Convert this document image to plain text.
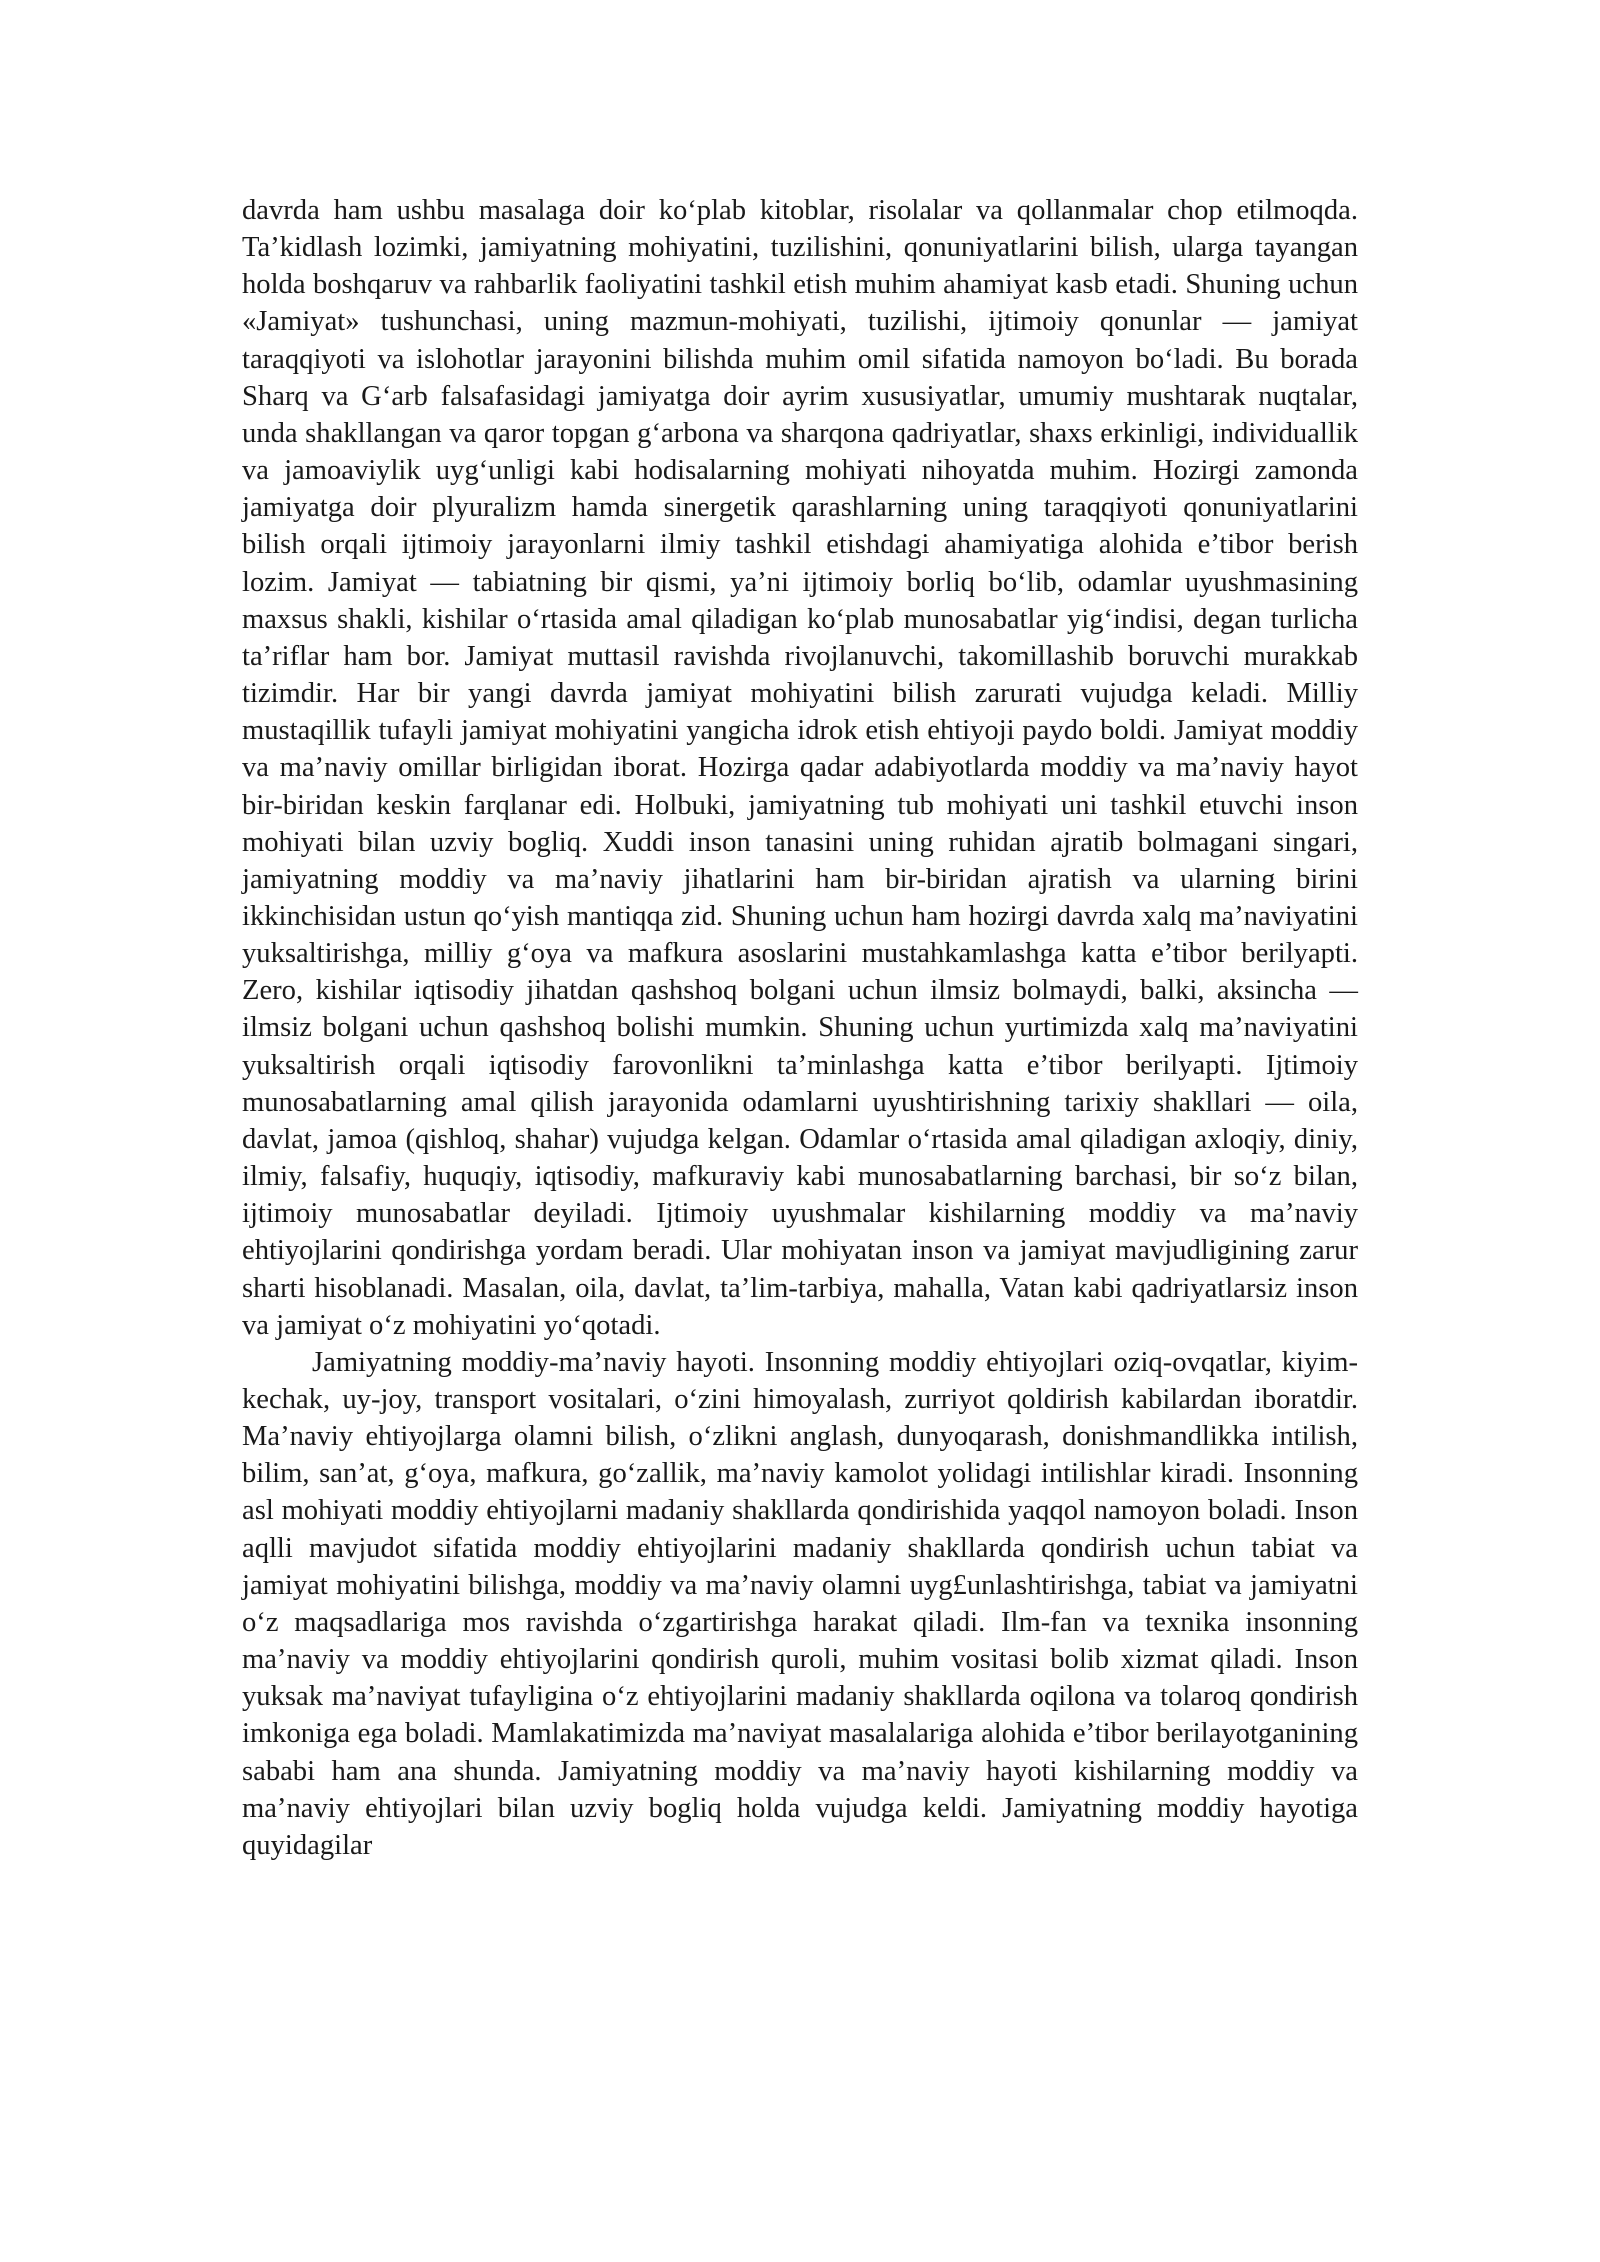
davrda ham ushbu masalaga doir ko‘plab kitoblar, risolalar va qollanmalar chop etilmoqda. Ta’kidlash lozimki, jamiyatning mohiyatini, tuzilishini, qonuniyatlarini bilish, ularga tayangan holda boshqaruv va rahbarlik faoliyatini tashkil etish muhim ahamiyat kasb etadi. Shuning uchun «Jamiyat» tushunchasi, uning mazmun-mohiyati, tuzilishi, ijtimoiy qonunlar — jamiyat taraqqiyoti va islohotlar jarayonini bilishda muhim omil sifatida namoyon bo‘ladi. Bu borada Sharq va G‘arb falsafasidagi jamiyatga doir ayrim xususiyatlar, umumiy mushtarak nuqtalar, unda shakllangan va qaror topgan g‘arbona va sharqona qadriyatlar, shaxs erkinligi, individuallik va jamoaviylik uyg‘unligi kabi hodisalarning mohiyati nihoyatda muhim. Hozirgi zamonda jamiyatga doir plyuralizm hamda sinergetik qarashlarning uning taraqqiyoti qonuniyatlarini bilish orqali ijtimoiy jarayonlarni ilmiy tashkil etishdagi ahamiyatiga alohida e’tibor berish lozim. Jamiyat — tabiatning bir qismi, ya’ni ijtimoiy borliq bo‘lib, odamlar uyushmasining maxsus shakli, kishilar o‘rtasida amal qiladigan ko‘plab munosabatlar yig‘indisi, degan turlicha ta’riflar ham bor. Jamiyat muttasil ravishda rivojlanuvchi, takomillashib boruvchi murakkab tizimdir. Har bir yangi davrda jamiyat mohiyatini bilish zarurati vujudga keladi. Milliy mustaqillik tufayli jamiyat mohiyatini yangicha idrok etish ehtiyoji paydo boldi. Jamiyat moddiy va ma’naviy omillar birligidan iborat. Hozirga qadar adabiyotlarda moddiy va ma’naviy hayot bir-biridan keskin farqlanar edi. Holbuki, jamiyatning tub mohiyati uni tashkil etuvchi inson mohiyati bilan uzviy bogliq. Xuddi inson tanasini uning ruhidan ajratib bolmagani singari, jamiyatning moddiy va ma’naviy jihatlarini ham bir-biridan ajratish va ularning birini ikkinchisidan ustun qo‘yish mantiqqa zid. Shuning uchun ham hozirgi davrda xalq ma’naviyatini yuksaltirishga, milliy g‘oya va mafkura asoslarini mustahkamlashga katta e’tibor berilyapti. Zero, kishilar iqtisodiy jihatdan qashshoq bolgani uchun ilmsiz bolmaydi, balki, aksincha — ilmsiz bolgani uchun qashshoq bolishi mumkin. Shuning uchun yurtimizda xalq ma’naviyatini yuksaltirish orqali iqtisodiy farovonlikni ta’minlashga katta e’tibor berilyapti. Ijtimoiy munosabatlarning amal qilish jarayonida odamlarni uyushtirishning tarixiy shakllari — oila, davlat, jamoa (qishloq, shahar) vujudga kelgan. Odamlar o‘rtasida amal qiladigan axloqiy, diniy, ilmiy, falsafiy, huquqiy, iqtisodiy, mafkuraviy kabi munosabatlarning barchasi, bir so‘z bilan, ijtimoiy munosabatlar deyiladi. Ijtimoiy uyushmalar kishilarning moddiy va ma’naviy ehtiyojlarini qondirishga yordam beradi. Ular mohiyatan inson va jamiyat mavjudligining zarur sharti hisoblanadi. Masalan, oila, davlat, ta’lim-tarbiya, mahalla, Vatan kabi qadriyatlarsiz inson va jamiyat o‘z mohiyatini yo‘qotadi.

Jamiyatning moddiy-ma’naviy hayoti. Insonning moddiy ehtiyojlari oziq-ovqatlar, kiyim-kechak, uy-joy, transport vositalari, o‘zini himoyalash, zurriyot qoldirish kabilardan iboratdir. Ma’naviy ehtiyojlarga olamni bilish, o‘zlikni anglash, dunyoqarash, donishmandlikka intilish, bilim, san’at, g‘oya, mafkura, go‘zallik, ma’naviy kamolot yolidagi intilishlar kiradi. Insonning asl mohiyati moddiy ehtiyojlarni madaniy shakllarda qondirishida yaqqol namoyon boladi. Inson aqlli mavjudot sifatida moddiy ehtiyojlarini madaniy shakllarda qondirish uchun tabiat va jamiyat mohiyatini bilishga, moddiy va ma’naviy olamni uyg£unlashtirishga, tabiat va jamiyatni o‘z maqsadlariga mos ravishda o‘zgartirishga harakat qiladi. Ilm-fan va texnika insonning ma’naviy va moddiy ehtiyojlarini qondirish quroli, muhim vositasi bolib xizmat qiladi. Inson yuksak ma’naviyat tufayligina o‘z ehtiyojlarini madaniy shakllarda oqilona va tolaroq qondirish imkoniga ega boladi. Mamlakatimizda ma’naviyat masalalariga alohida e’tibor berilayotganining sababi ham ana shunda. Jamiyatning moddiy va ma’naviy hayoti kishilarning moddiy va ma’naviy ehtiyojlari bilan uzviy bogliq holda vujudga keldi. Jamiyatning moddiy hayotiga quyidagilar
